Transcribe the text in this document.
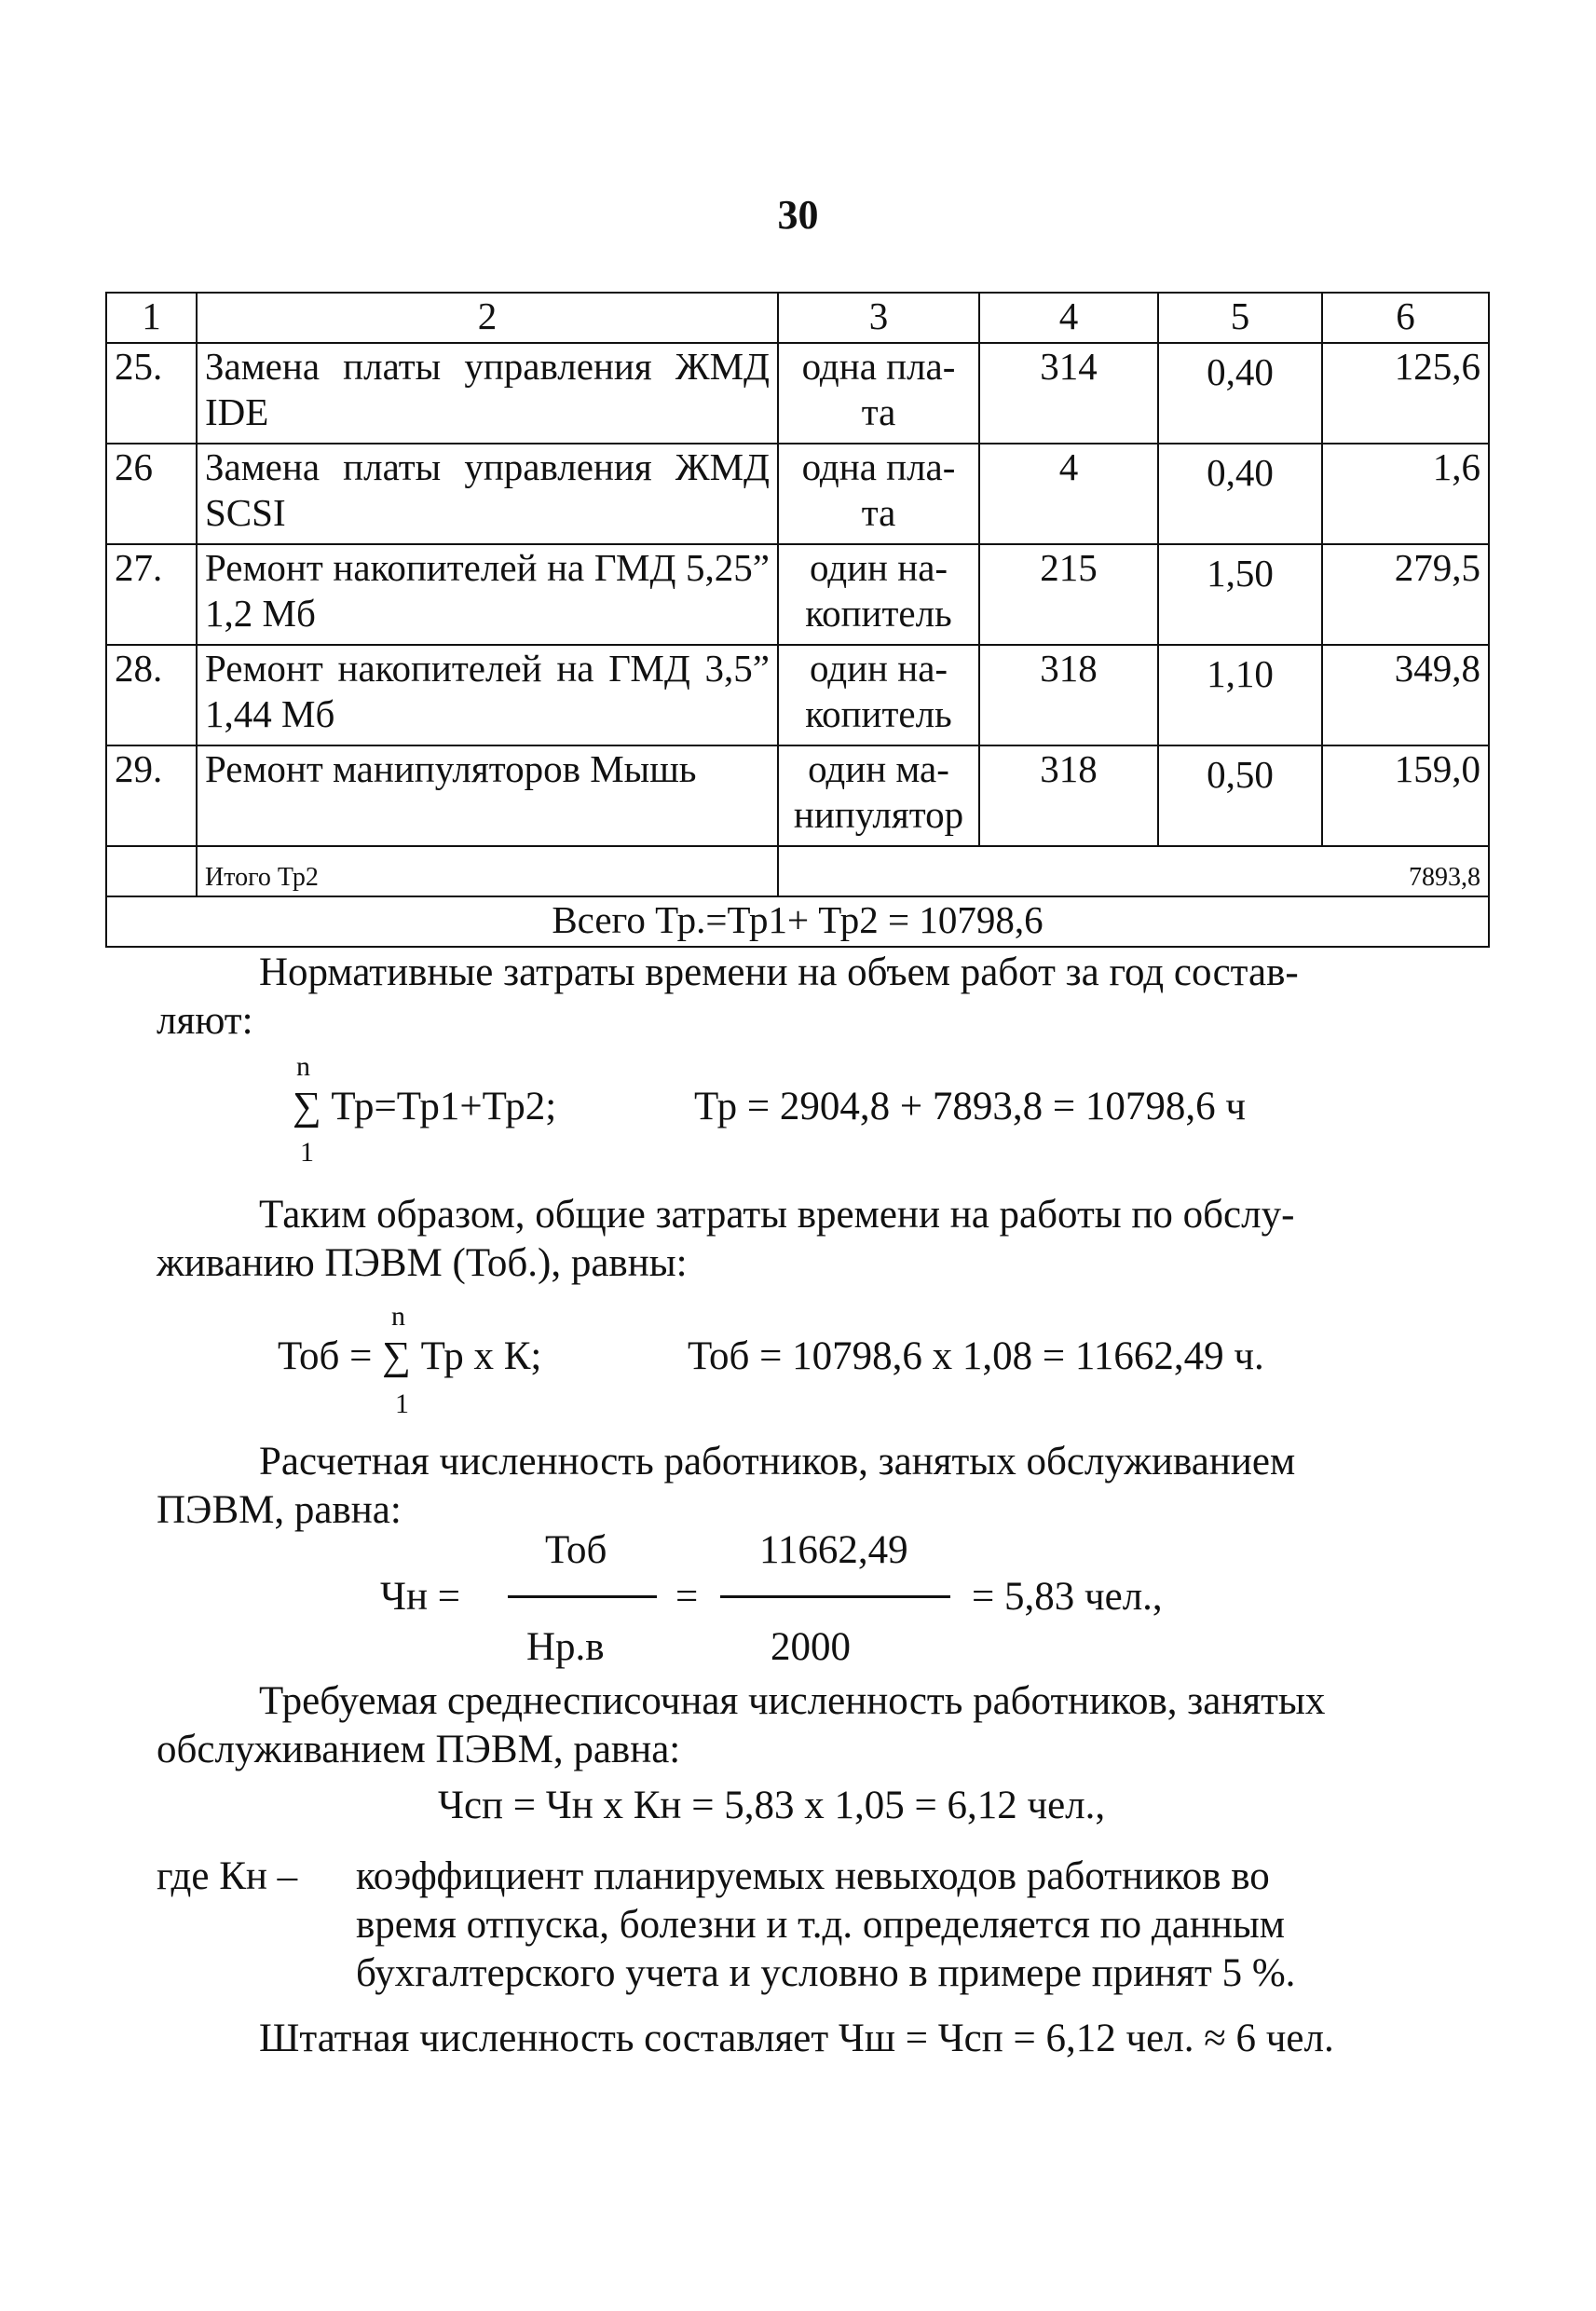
30
1	2	3	4	5	6
25.	Замена платы управления ЖМД IDE	одна пла-та	314	0,40	125,6
26	Замена платы управления ЖМД SCSI	одна пла-та	4	0,40	1,6
27.	Ремонт накопителей на ГМД 5,25” 1,2 Мб	один на-копитель	215	1,50	279,5
28.	Ремонт накопителей на ГМД 3,5” 1,44 Мб	один на-копитель	318	1,10	349,8
29.	Ремонт манипуляторов Мышь	один ма-нипулятор	318	0,50	159,0
	Итого Тр2	7893,8			
Всего Тр.=Тр1+ Тр2 = 10798,6					
Нормативные затраты времени на объем работ за год состав-
ляют:
n
∑ Тр=Тр1+Тр2;	Тр = 2904,8 + 7893,8 = 10798,6 ч
1
Таким образом, общие затраты времени на работы по обслу-
живанию ПЭВМ (Тоб.), равны:
n
Тоб = ∑ Тр х К;	Тоб = 10798,6 х 1,08 = 11662,49 ч.
1
Расчетная численность работников, занятых обслуживанием
ПЭВМ, равна:
Тоб	11662,49
Чн =	=	= 5,83 чел.,
Нр.в	2000
Требуемая среднесписочная численность работников, занятых
обслуживанием ПЭВМ, равна:
Чсп = Чн х Кн = 5,83 х 1,05 = 6,12 чел.,
где Кн – коэффициент планируемых невыходов работников во
время отпуска, болезни и т.д. определяется по данным
бухгалтерского учета и условно в примере принят 5 %.
Штатная численность составляет Чш = Чсп = 6,12 чел. ≈ 6 чел.
